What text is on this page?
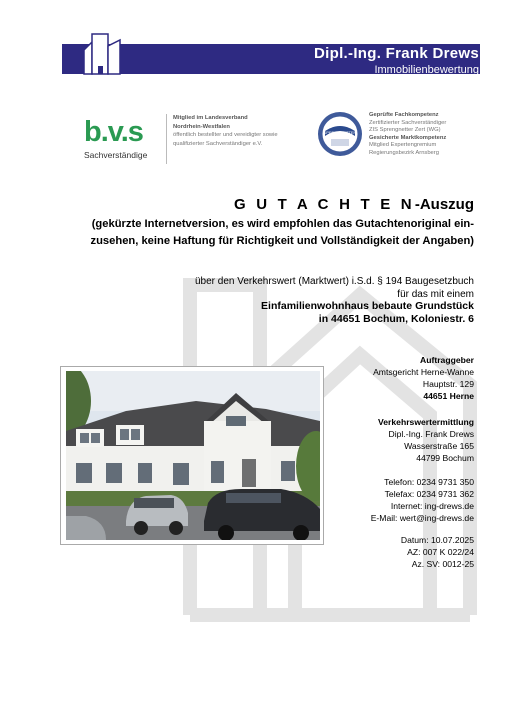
Dipl.-Ing. Frank Drews
Immobilienbewertung
b.v.s
Sachverständige
Mitglied im Landesverband
Nordrhein-Westfalen
öffentlich bestellter und vereidigter sowie
qualifizierter Sachverständiger e.V.
SPRENGNETTER
Geprüfte Fachkompetenz
Zertifizierter Sachverständiger
ZIS Sprengnetter Zert (WG)
Gesicherte Marktkompetenz
Mitglied Expertengremium
Regierungsbezirk Arnsberg
G U T A C H T E N-Auszug
(gekürzte Internetversion, es wird empfohlen das Gutachtenoriginal ein-
zusehen, keine Haftung für Richtigkeit und Vollständigkeit der Angaben)
über den Verkehrswert (Marktwert) i.S.d. § 194 Baugesetzbuch
für das mit einem
Einfamilienwohnhaus bebaute Grundstück
in 44651 Bochum, Koloniestr. 6
Auftraggeber
Amtsgericht Herne-Wanne
Hauptstr. 129
44651 Herne
Verkehrswertermittlung
Dipl.-Ing. Frank Drews
Wasserstraße 165
44799 Bochum
Telefon: 0234 9731 350
Telefax: 0234 9731 362
Internet: ing-drews.de
E-Mail: wert@ing-drews.de
Datum: 10.07.2025
AZ: 007 K 022/24
Az. SV: 0012-25
